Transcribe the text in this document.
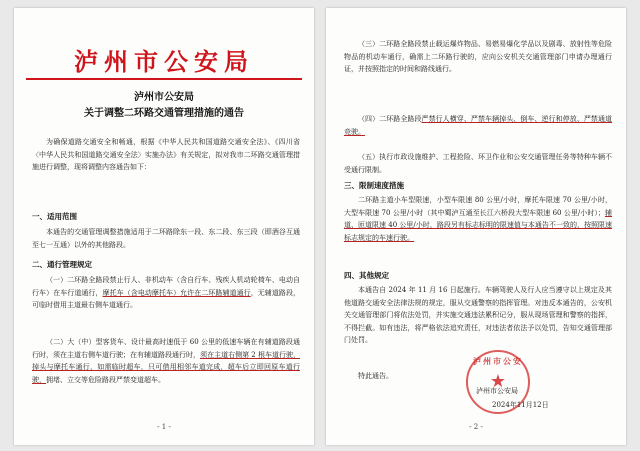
泸州市公安局
泸州市公安局
关于调整二环路交通管理措施的通告
为确保道路交通安全和畅通，根据《中华人民共和国道路交通安全法》、《四川省〈中华人民共和国道路交通安全法〉实施办法》有关规定，拟对我市二环路交通管理措施进行调整，现将调整内容通告如下：
一、适用范围
本通告的交通管理调整措施适用于二环路除东一段、东二段、东三段（即酒谷互通至七一互通）以外的其他路段。
二、通行管理规定
（一）二环路全路段禁止行人、非机动车（含自行车、残疾人机动轮椅车、电动自行车）在车行道通行，摩托车（含电动摩托车）允许在二环路辅道通行，无辅道路段，可临时借用主道最右侧车道通行。
（二）大（中）型客货车、设计最高时速低于 60 公里的低速车辆在有辅道路段通行时，须在主道右侧车道行驶；在有辅道路段通行时，须在主道右侧第 2 根车道行驶，掉头与摩托车通行，如需临时超车，只可借用相邻车道完成，超车后立即回原车道行驶，拥堵、立交等危险路段严禁变道超车。
- 1 -
（三）二环路全路段禁止载运爆炸物品、易燃易爆化学品以及剧毒、放射性等危险物品的机动车通行，确需上二环路行驶的，应向公安机关交通管理部门申请办理通行证，并按照指定的时间和路线通行。
（四）二环路全路段严禁行人横穿、严禁车辆掉头、倒车、逆行和停放、严禁通道竞驶。
（五）执行市政设施维护、工程抢险、环卫作业和公安交通管理任务等特种车辆不受通行限制。
三、限制速度措施
二环路主道小车型限速，小型车限速 80 公里/小时，摩托车限速 70 公里/小时，大型车限速 70 公里/小时（其中蜀泸互通至长江六桥段大型车限速 60 公里/小时）；辅道、匝道限速 40 公里/小时，路段另有标志标明的限速值与本通告不一致的，按照限速标志规定的车速行驶。
四、其他规定
本通告自 2024 年 11 月 16 日起施行。车辆驾驶人及行人应当遵守以上规定及其他道路交通安全法律法规的规定，服从交通警察的指挥管理。对违反本通告的，公安机关交通管理部门将依法处罚，并实施交通违法累积记分，服从现场管理和警察的指挥，不得拦截。如有违法，将严格依法追究责任，对违法者依法予以处罚，告知交通管理部门处罚。
特此通告。
泸州市公安
★
泸州市公安局
2024年11月12日
- 2 -
